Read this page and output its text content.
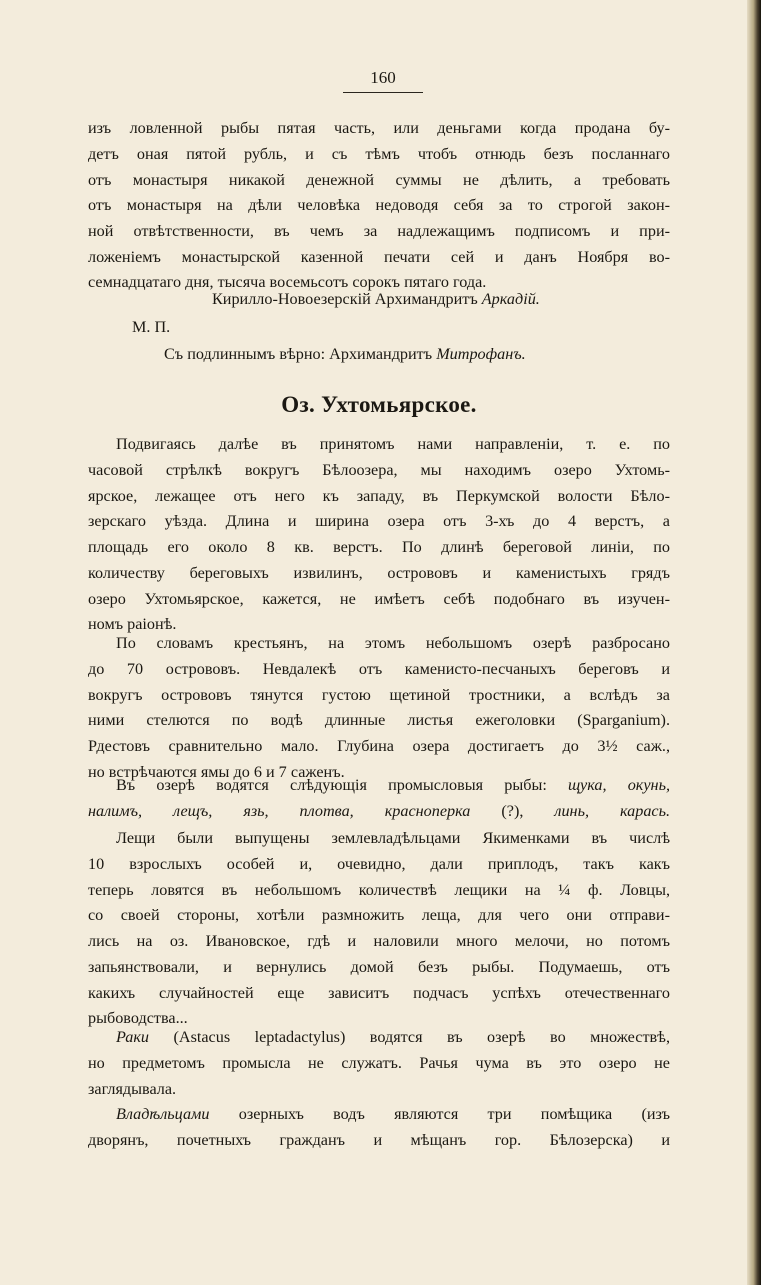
160
изъ ловленной рыбы пятая часть, или деньгами когда продана бу-
детъ оная пятой рубль, и съ тѣмъ чтобъ отнюдь безъ посланнаго
отъ монастыря никакой денежной суммы не дѣлить, а требовать
отъ монастыря на дѣли человѣка недоводя себя за то строгой закон-
ной отвѣтственности, въ чемъ за надлежащимъ подписомъ и при-
ложенiемъ монастырской казенной печати сей и данъ Ноября во-
семнадцатаго дня, тысяча восемьсотъ сорокъ пятаго года.
Кирилло-Новоезерскiй Архимандритъ Аркадiй.
М. П.
Съ подлиннымъ вѣрно: Архимандритъ Митрофанъ.
Оз. Ухтомьярское.
Подвигаясь далѣе въ принятомъ нами направленiи, т. е. по
часовой стрѣлкѣ вокругъ Бѣлоозера, мы находимъ озеро Ухтомь-
ярское, лежащее отъ него къ западу, въ Перкумской волости Бѣло-
зерскаго уѣзда. Длина и ширина озера отъ 3-хъ до 4 верстъ, а
площадь его около 8 кв. верстъ. По длинѣ береговой линiи, по
количеству береговыхъ извилинъ, острововъ и каменистыхъ грядъ
озеро Ухтомьярское, кажется, не имѣетъ себѣ подобнаго въ изучен-
номъ раiонѣ.
По словамъ крестьянъ, на этомъ небольшомъ озерѣ разбросано
до 70 острововъ. Невдалекѣ отъ каменисто-песчаныхъ береговъ и
вокругъ острововъ тянутся густою щетиной тростники, а вслѣдъ за
ними стелются по водѣ длинные листья ежеголовки (Sparganium).
Рдестовъ сравнительно мало. Глубина озера достигаетъ до 3½ саж.,
но встрѣчаются ямы до 6 и 7 саженъ.
Въ озерѣ водятся слѣдующiя промысловыя рыбы: щука, окунь,
налимъ, лещъ, язь, плотва, красноперка (?), линь, карась.
Лещи были выпущены землевладѣльцами Якименками въ числѣ
10 взрослыхъ особей и, очевидно, дали приплодъ, такъ какъ
теперь ловятся въ небольшомъ количествѣ лещики на ¼ ф. Ловцы,
со своей стороны, хотѣли размножить леща, для чего они отправи-
лись на оз. Ивановское, гдѣ и наловили много мелочи, но потомъ
запьянствовали, и вернулись домой безъ рыбы. Подумаешь, отъ
какихъ случайностей еще зависитъ подчасъ успѣхъ отечественнаго
рыбоводства...
Раки (Astacus leptadactylus) водятся въ озерѣ во множествѣ,
но предметомъ промысла не служатъ. Рачья чума въ это озеро не
заглядывала.
Владѣльцами озерныхъ водъ являются три помѣщика (изъ
дворянъ, почетныхъ гражданъ и мѣщанъ гор. Бѣлозерска) и
